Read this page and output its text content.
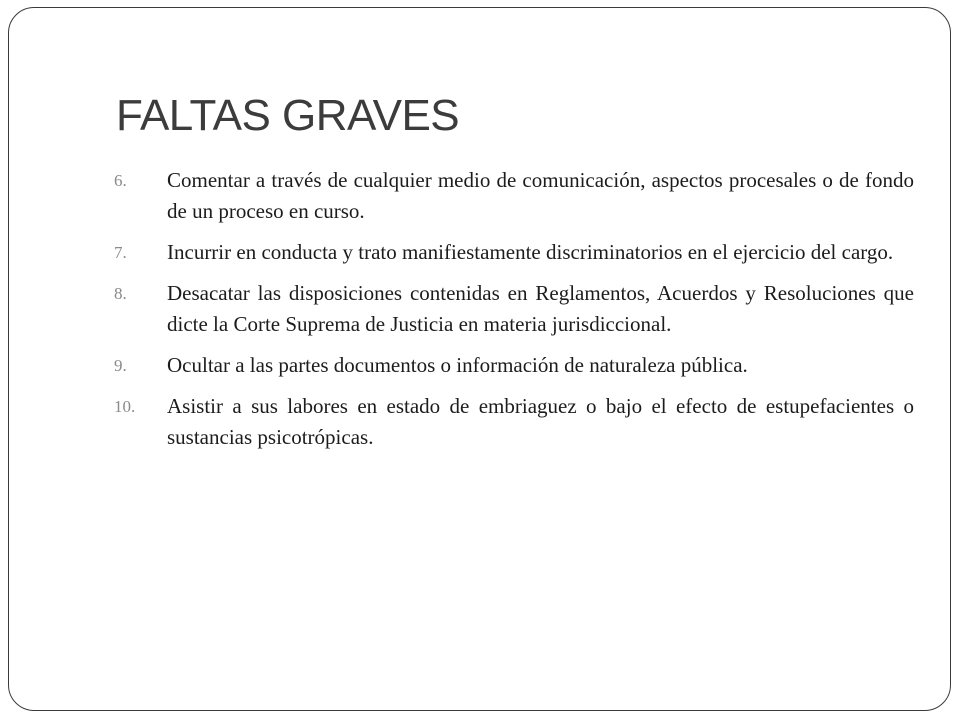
FALTAS GRAVES
6. Comentar a través de cualquier medio de comunicación, aspectos procesales o de fondo de un proceso en curso.
7. Incurrir en conducta y trato manifiestamente discriminatorios en el ejercicio del cargo.
8. Desacatar las disposiciones contenidas en Reglamentos, Acuerdos y Resoluciones que dicte la Corte Suprema de Justicia en materia jurisdiccional.
9. Ocultar a las partes documentos o información de naturaleza pública.
10. Asistir a sus labores en estado de embriaguez o bajo el efecto de estupefacientes o sustancias psicotrópicas.
